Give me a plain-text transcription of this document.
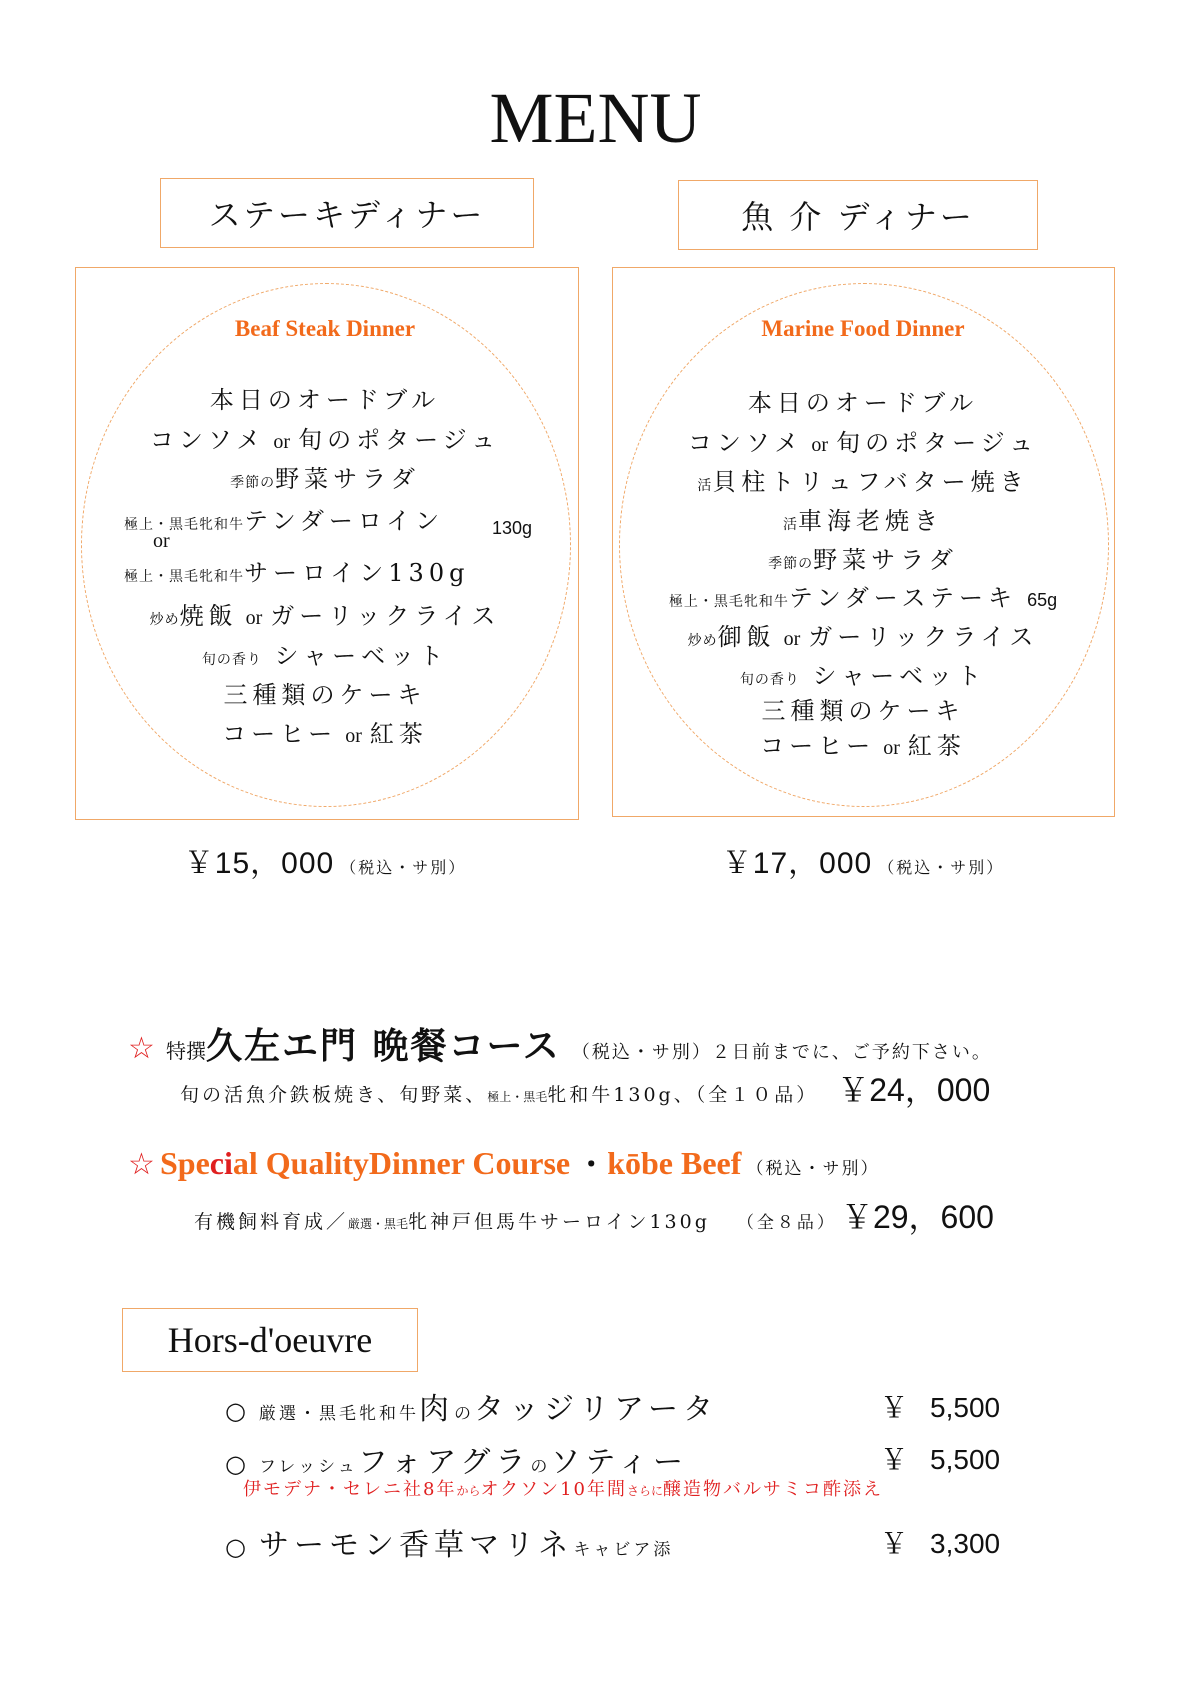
MENU
ステーキディナー
Beaf Steak Dinner
本日のオードブル
コンソメ or 旬のポタージュ
季節の野菜サラダ
極上・黒毛牝和牛テンダーロイン	130g
or
極上・黒毛牝和牛サーロイン130g
炒め焼飯 or ガーリックライス
旬の香り シャーベット
三種類のケーキ
コーヒー or 紅茶
￥15，000 （税込・サ別）
魚 介 ディナー
Marine Food Dinner
本日のオードブル
コンソメ or 旬のポタージュ
活貝柱トリュフバター焼き
活車海老焼き
季節の野菜サラダ
極上・黒毛牝和牛テンダーステーキ 65g
炒め御飯 or ガーリックライス
旬の香り シャーベット
三種類のケーキ
コーヒー or 紅茶
￥17，000 （税込・サ別）
☆ 特撰久左エ門 晩餐コース （税込・サ別）２日前までに、ご予約下さい。
旬の活魚介鉄板焼き、旬野菜、極上・黒毛牝和牛130g、（全１０品） ￥24，000
☆ Special QualityDinner Course ・kōbe Beef （税込・サ別）
有機飼料育成／厳選・黒毛牝神戸但馬牛サーロイン130g （全８品） ￥29，600
Hors-d'oeuvre
○ 厳選・黒毛牝和牛肉のタッジリアータ	￥ 5,500
○ フレッシュフォアグラのソティー	￥ 5,500
伊モデナ・セレニ社8年からオクソン10年間さらに醸造物バルサミコ酢添え
○ サーモン香草マリネキャビア添	￥ 3,300
